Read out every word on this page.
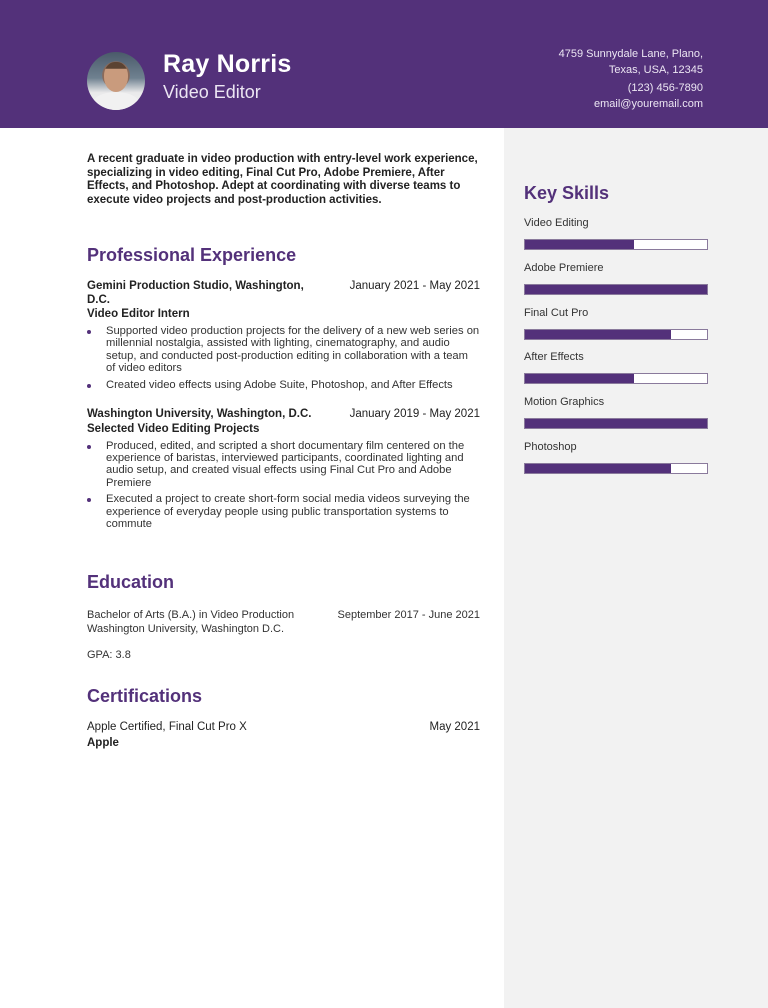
Ray Norris
Video Editor
4759 Sunnydale Lane, Plano,
Texas, USA, 12345
(123) 456-7890
email@youremail.com
Key Skills
Video Editing
Adobe Premiere
Final Cut Pro
After Effects
Motion Graphics
Photoshop

A recent graduate in video production with entry-level work experience, specializing in video editing, Final Cut Pro, Adobe Premiere, After Effects, and Photoshop. Adept at coordinating with diverse teams to execute video projects and post-production activities.

Professional Experience
Gemini Production Studio, Washington, D.C.
January 2021 - May 2021
Video Editor Intern
Supported video production projects for the delivery of a new web series on millennial nostalgia, assisted with lighting, cinematography, and audio setup, and conducted post-production editing in collaboration with a team of video editors
Created video effects using Adobe Suite, Photoshop, and After Effects
Washington University, Washington, D.C.	January 2019 - May 2021
Selected Video Editing Projects
Produced, edited, and scripted a short documentary film centered on the experience of baristas, interviewed participants, coordinated lighting and audio setup, and created visual effects using Final Cut Pro and Adobe Premiere
Executed a project to create short-form social media videos surveying the experience of everyday people using public transportation systems to commute
Education
Bachelor of Arts (B.A.) in Video Production	September 2017 - June 2021
Washington University, Washington D.C.
GPA: 3.8
Certifications
Apple Certified, Final Cut Pro X	May 2021
Apple
